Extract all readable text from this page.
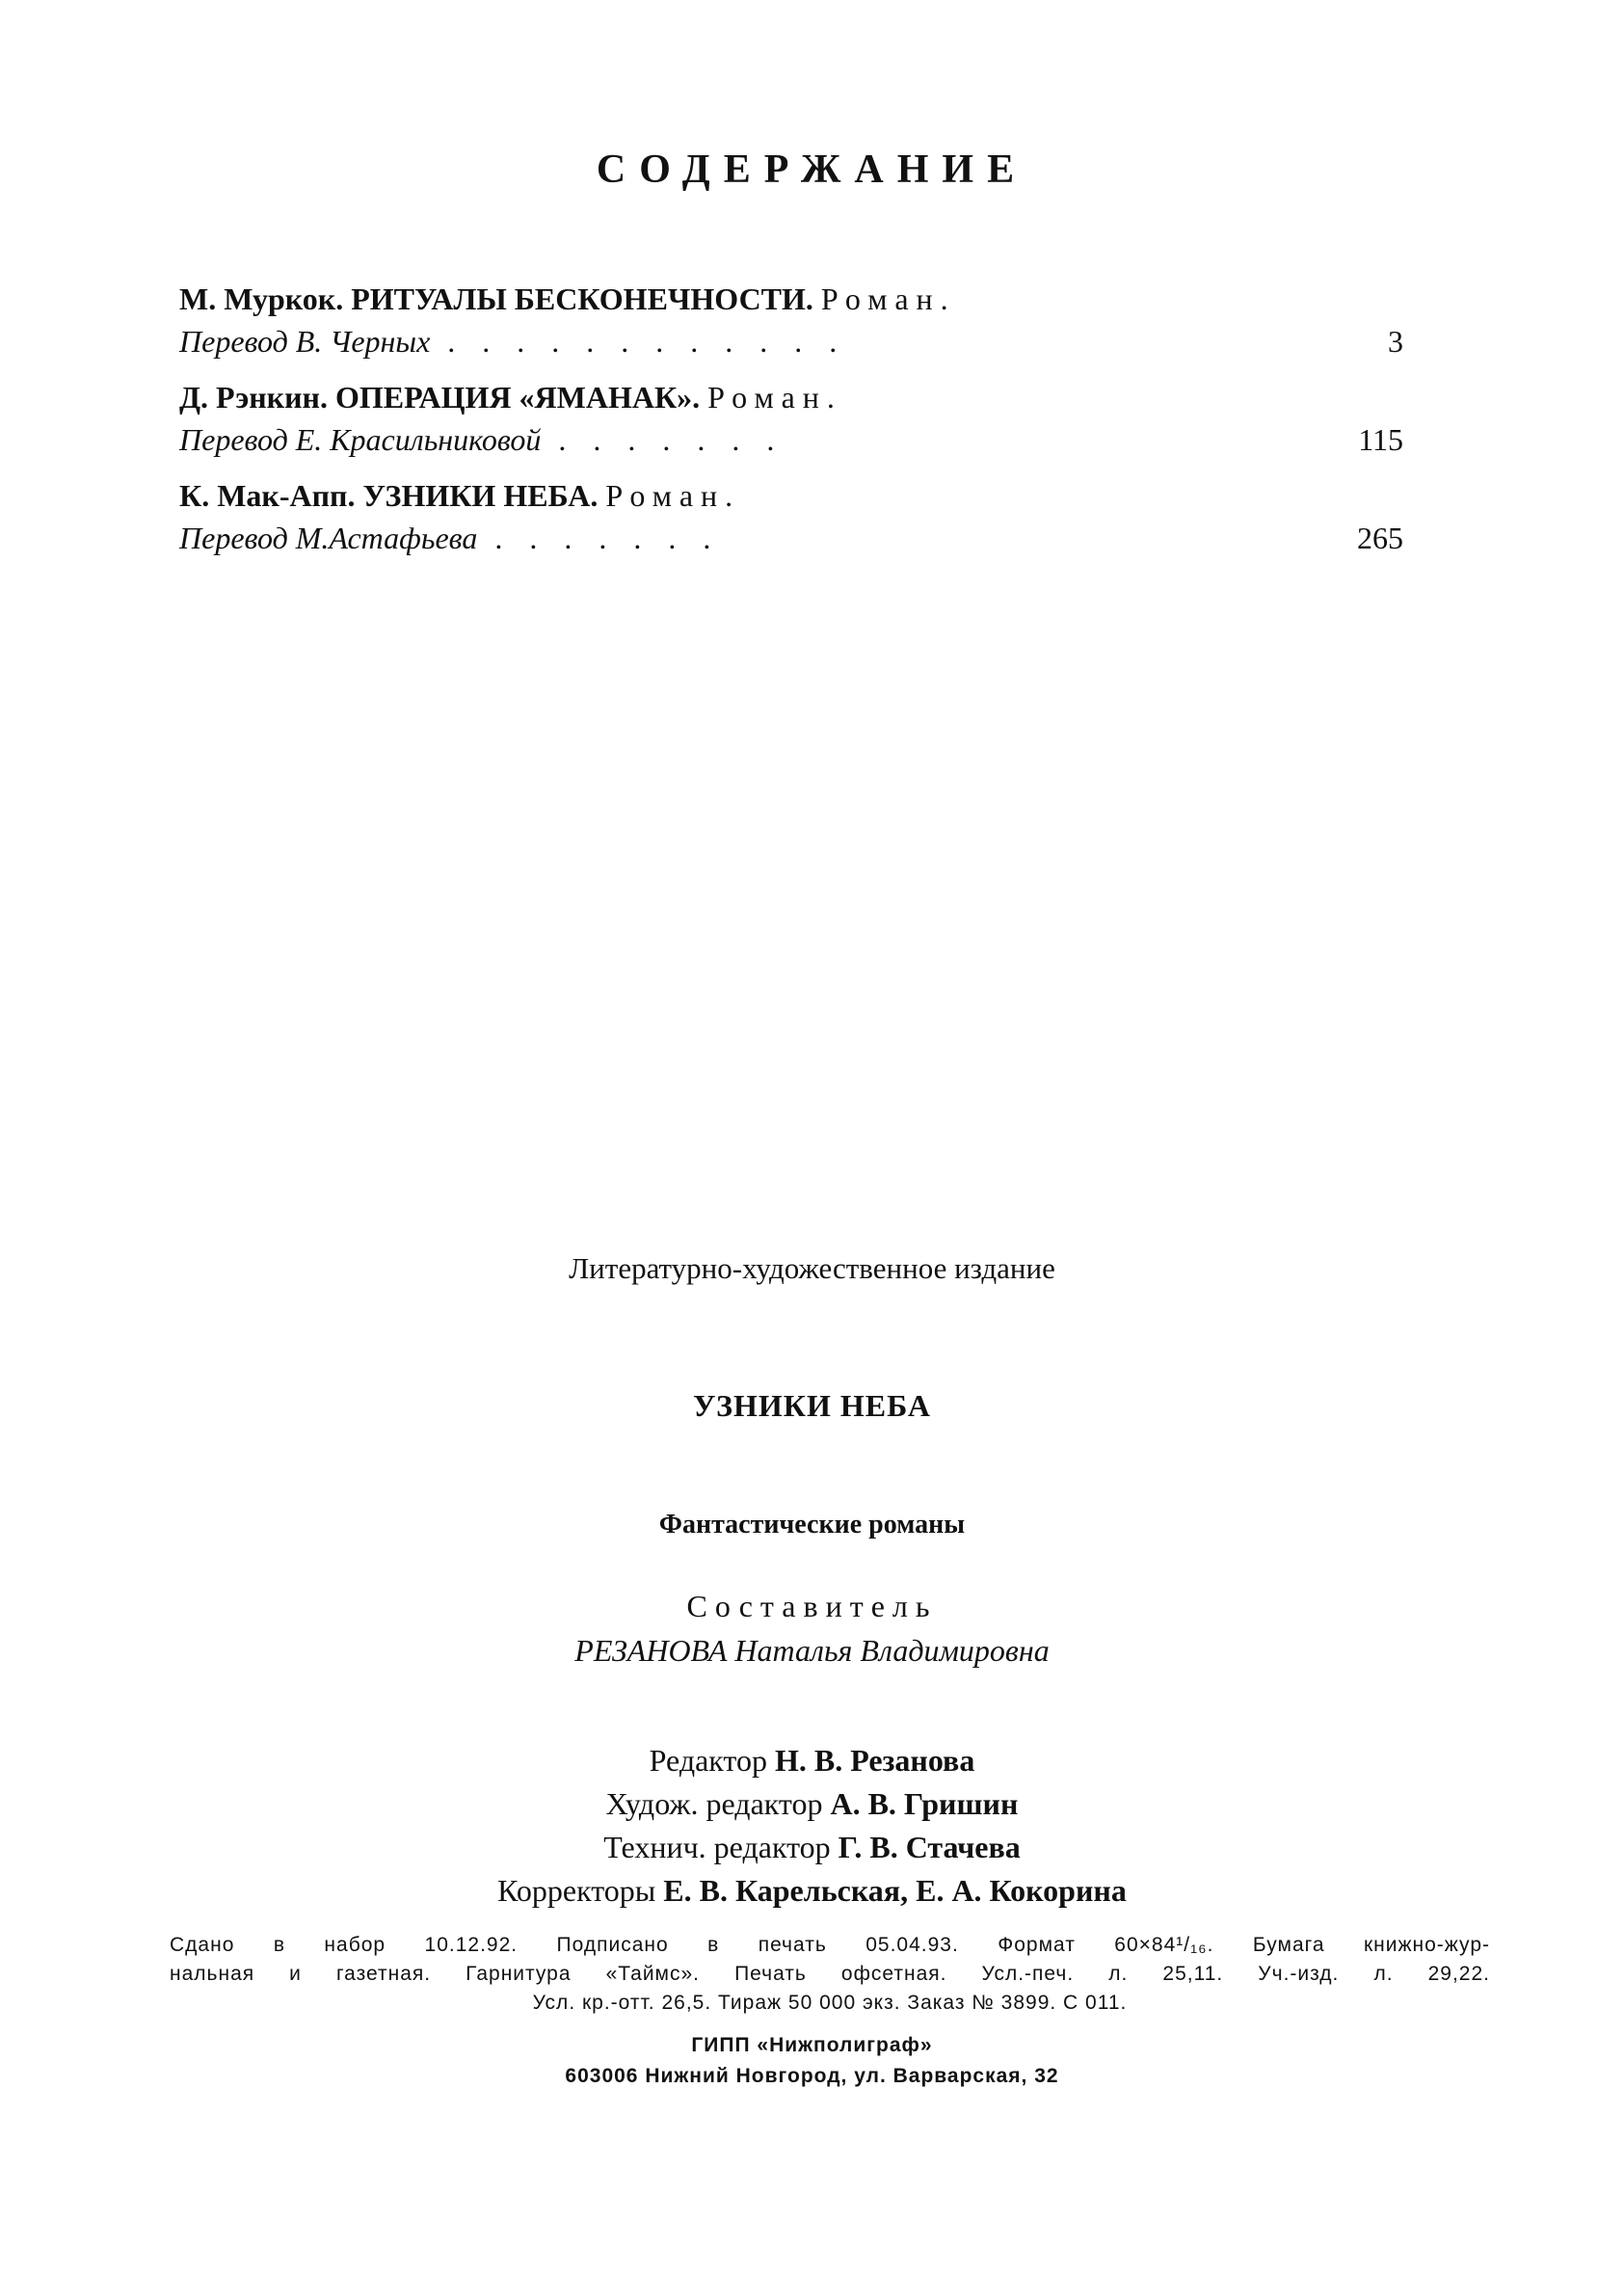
СОДЕРЖАНИЕ
М. Муркок. РИТУАЛЫ БЕСКОНЕЧНОСТИ. Роман.
Перевод В. Черных . . . . . . . . . . . .	3
Д. Рэнкин. ОПЕРАЦИЯ «ЯМАНАК». Роман.
Перевод Е. Красильниковой . . . . . . .	115
К. Мак-Апп. УЗНИКИ НЕБА. Роман.
Перевод М.Астафьева . . . . . . .	265
Литературно-художественное издание
УЗНИКИ НЕБА
Фантастические романы
Составитель
РЕЗАНОВА Наталья Владимировна
Редактор Н. В. Резанова
Худож. редактор А. В. Гришин
Технич. редактор Г. В. Стачева
Корректоры Е. В. Карельская, Е. А. Кокорина

Сдано в набор 10.12.92. Подписано в печать 05.04.93. Формат 60×84¹/₁₆. Бумага книжно-жур-

нальная и газетная. Гарнитура «Таймс». Печать офсетная. Усл.-печ. л. 25,11. Уч.-изд. л. 29,22.

Усл. кр.-отт. 26,5. Тираж 50 000 экз. Заказ № 3899. С 011.

ГИПП «Нижполиграф»
603006 Нижний Новгород, ул. Варварская, 32
